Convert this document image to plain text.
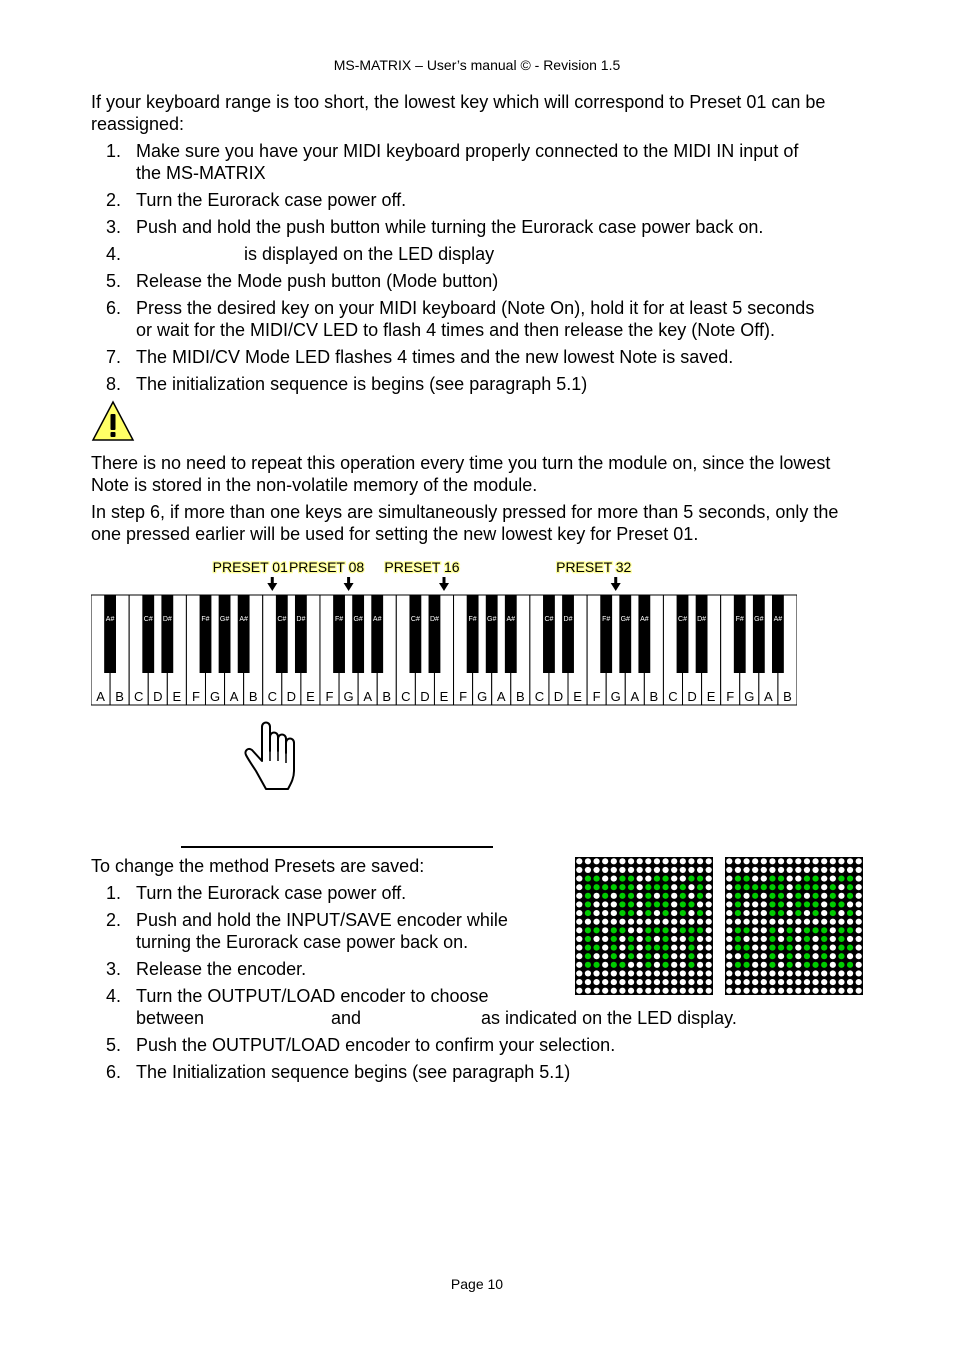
MS-MATRIX – User’s manual © - Revision 1.5
If your keyboard range is too short, the lowest key which will correspond to Preset 01 can be reassigned:
1. Make sure you have your MIDI keyboard properly connected to the MIDI IN input of
the MS-MATRIX
2. Turn the Eurorack case power off.
3. Push and hold the push button while turning the Eurorack case power back on.
4.	is displayed on the LED display
5. Release the Mode push button (Mode button)
6. Press the desired key on your MIDI keyboard (Note On), hold it for at least 5 seconds
or wait for the MIDI/CV LED to flash 4 times and then release the key (Note Off).
7. The MIDI/CV Mode LED flashes 4 times and the new lowest Note is saved.
8. The initialization sequence is begins (see paragraph 5.1)
There is no need to repeat this operation every time you turn the module on, since the lowest Note is stored in the non-volatile memory of the module.
In step 6, if more than one keys are simultaneously pressed for more than 5 seconds, only the one pressed earlier will be used for setting the new lowest key for Preset 01.
A B C D E F G A B C D E F G A B C D E F G A B C D E F G A B C D E F G A B
A#	C# D#	F# G# A#	C# D#	F# G# A#	C# D#	F# G# A#	C# D#	F# G# A#	C# D#	F# G# A#
PRESET 01 PRESET 08 PRESET 16	PRESET 32
To change the method Presets are saved:
1. Turn the Eurorack case power off.
2. Push and hold the INPUT/SAVE encoder while
turning the Eurorack case power back on.
3. Release the encoder.
4. Turn the OUTPUT/LOAD encoder to choose
between	and	as indicated on the LED display.
5. Push the OUTPUT/LOAD encoder to confirm your selection.
6. The Initialization sequence begins (see paragraph 5.1)
Page 10
